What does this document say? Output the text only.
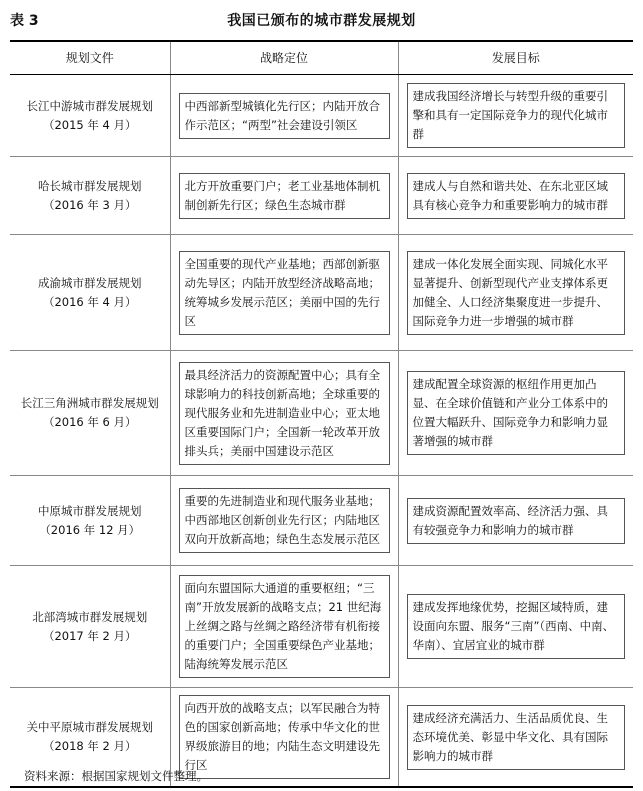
表 3	我国已颁布的城市群发展规划
规划文件	战略定位	发展目标

长江中游城市群发展规划
（2015 年 4 月）	中西部新型城镇化先行区；内陆开放合作示范区；“两型”社会建设引领区	建成我国经济增长与转型升级的重要引擎和具有一定国际竞争力的现代化城市群

哈长城市群发展规划
（2016 年 3 月）	北方开放重要门户；老工业基地体制机制创新先行区；绿色生态城市群	建成人与自然和谐共处、在东北亚区域具有核心竞争力和重要影响力的城市群

成渝城市群发展规划
（2016 年 4 月）	全国重要的现代产业基地；西部创新驱动先导区；内陆开放型经济战略高地；统筹城乡发展示范区；美丽中国的先行区	建成一体化发展全面实现、同城化水平显著提升、创新型现代产业支撑体系更加健全、人口经济集聚度进一步提升、国际竞争力进一步增强的城市群

长江三角洲城市群发展规划
（2016 年 6 月）	最具经济活力的资源配置中心；具有全球影响力的科技创新高地；全球重要的现代服务业和先进制造业中心；亚太地区重要国际门户；全国新一轮改革开放排头兵；美丽中国建设示范区	建成配置全球资源的枢纽作用更加凸显、在全球价值链和产业分工体系中的位置大幅跃升、国际竞争力和影响力显著增强的城市群

中原城市群发展规划
（2016 年 12 月）	重要的先进制造业和现代服务业基地；中西部地区创新创业先行区；内陆地区双向开放新高地；绿色生态发展示范区	建成资源配置效率高、经济活力强、具有较强竞争力和影响力的城市群

北部湾城市群发展规划
（2017 年 2 月）	面向东盟国际大通道的重要枢纽；“三南”开放发展新的战略支点；21 世纪海上丝绸之路与丝绸之路经济带有机衔接的重要门户；全国重要绿色产业基地；陆海统筹发展示范区	建成发挥地缘优势，挖掘区域特质，建设面向东盟、服务“三南”（西南、中南、华南）、宜居宜业的城市群

关中平原城市群发展规划
（2018 年 2 月）	向西开放的战略支点；以军民融合为特色的国家创新高地；传承中华文化的世界级旅游目的地；内陆生态文明建设先行区	建成经济充满活力、生活品质优良、生态环境优美、彰显中华文化、具有国际影响力的城市群
资料来源：根据国家规划文件整理。
